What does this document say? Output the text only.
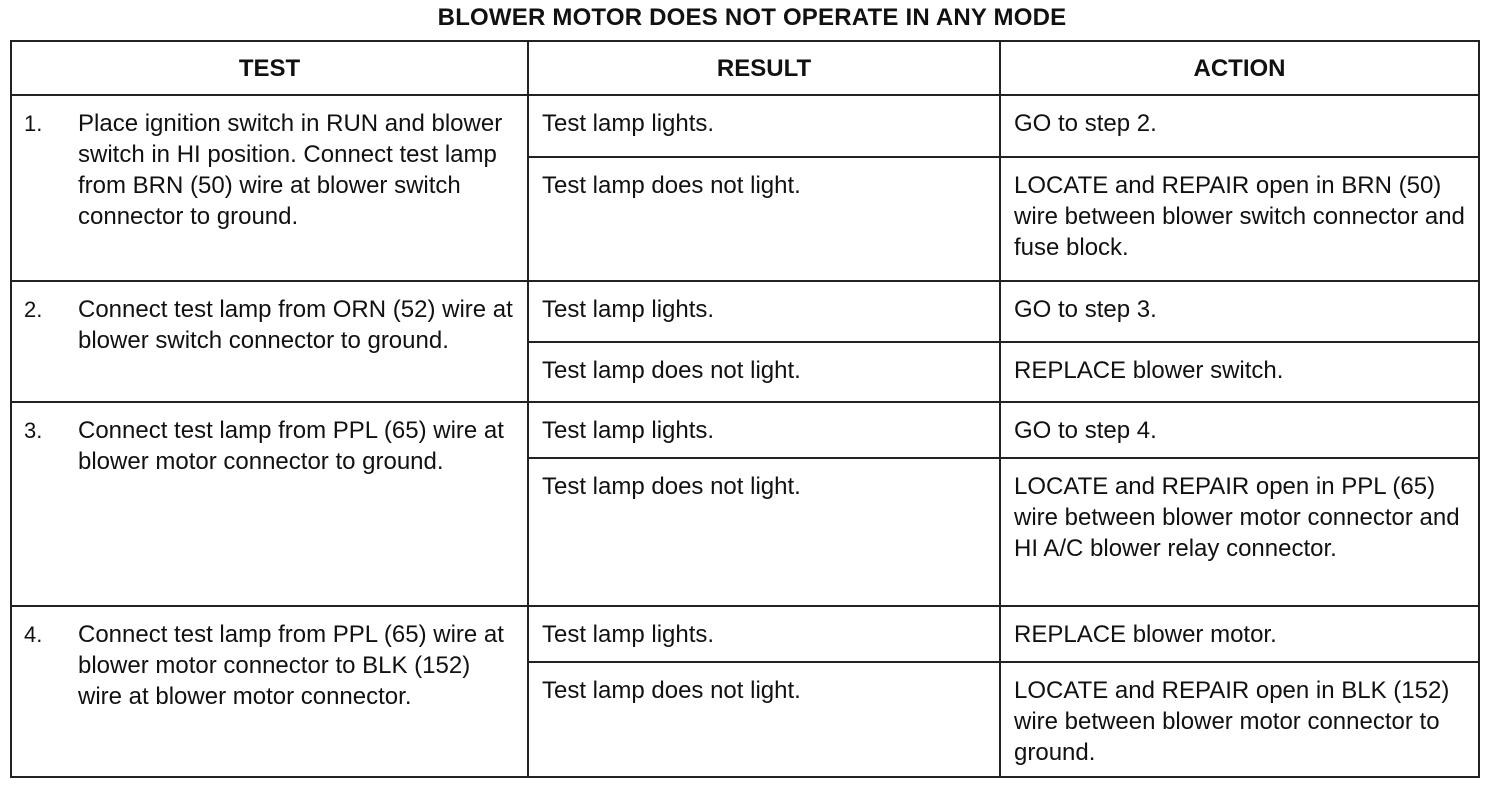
BLOWER MOTOR DOES NOT OPERATE IN ANY MODE
TEST	RESULT	ACTION

1. Place ignition switch in RUN and blower switch in HI position. Connect test lamp from BRN (50) wire at blower switch connector to ground.	Test lamp lights.	GO to step 2.
	Test lamp does not light.	LOCATE and REPAIR open in BRN (50) wire between blower switch connector and fuse block.

2. Connect test lamp from ORN (52) wire at blower switch connector to ground.	Test lamp lights.	GO to step 3.
	Test lamp does not light.	REPLACE blower switch.

3. Connect test lamp from PPL (65) wire at blower motor connector to ground.	Test lamp lights.	GO to step 4.
	Test lamp does not light.	LOCATE and REPAIR open in PPL (65) wire between blower motor connector and HI A/C blower relay connector.

4. Connect test lamp from PPL (65) wire at blower motor connector to BLK (152) wire at blower motor connector.	Test lamp lights.	REPLACE blower motor.
	Test lamp does not light.	LOCATE and REPAIR open in BLK (152) wire between blower motor connector to ground.
